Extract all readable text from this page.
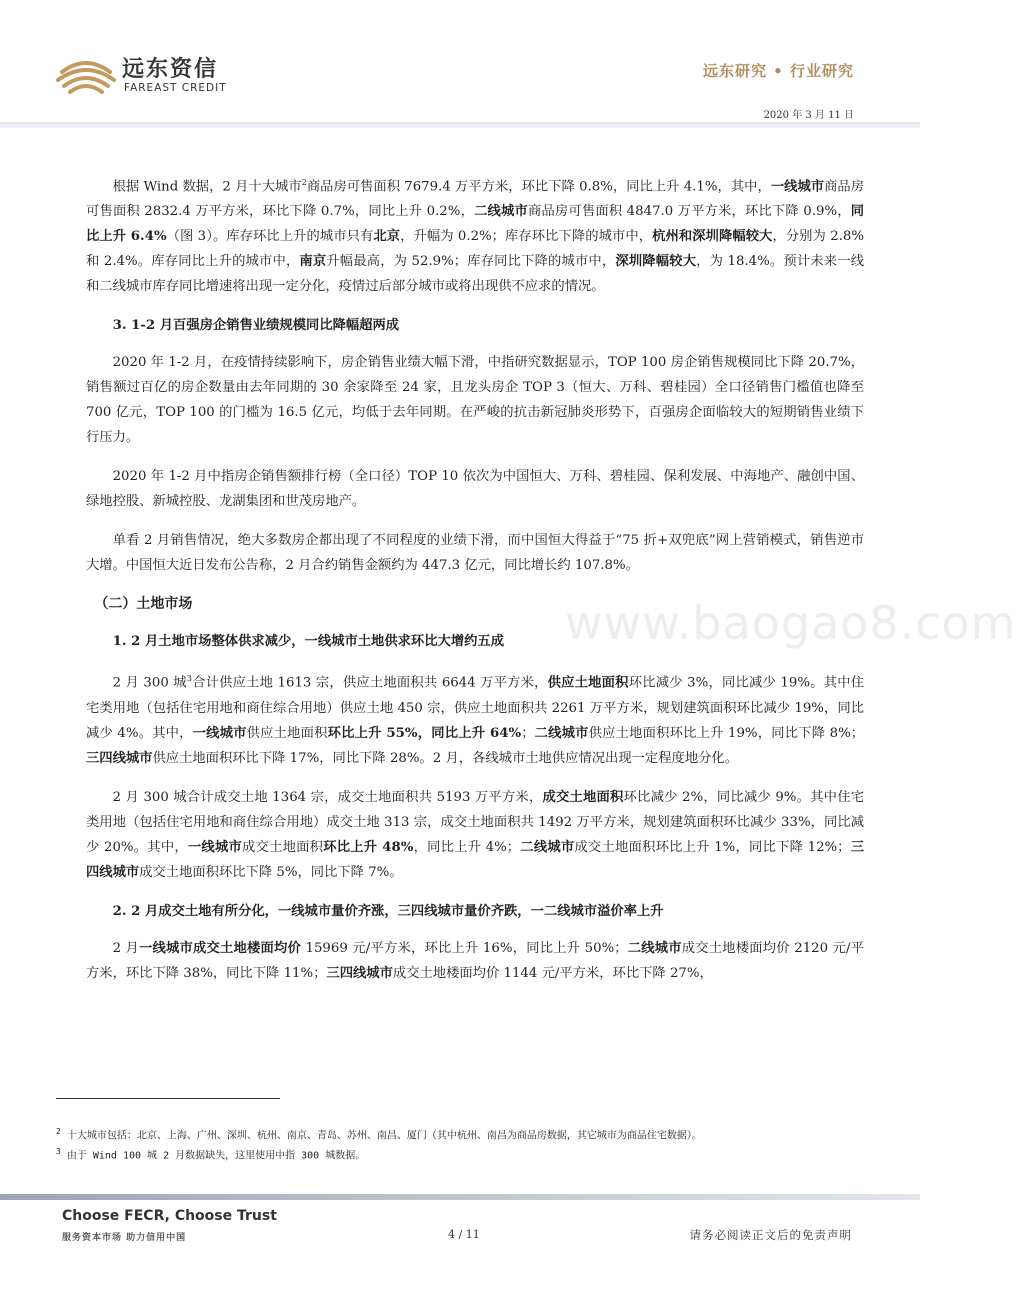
远东资信
FAREAST CREDIT
远东研究 • 行业研究
2020 年 3 月 11 日

根据 Wind 数据，2 月十大城市$^2$商品房可售面积 7679.4 万平方米，环比下降 0.8%，同比上升 4.1%，其中，一线城市商品房可售面积 2832.4 万平方米，环比下降 0.7%，同比上升 0.2%，二线城市商品房可售面积 4847.0 万平方米，环比下降 0.9%，同比上升 6.4%（图 3）。库存环比上升的城市只有北京，升幅为 0.2%；库存环比下降的城市中，杭州和深圳降幅较大，分别为 2.8%和 2.4%。库存同比上升的城市中，南京升幅最高，为 52.9%；库存同比下降的城市中，深圳降幅较大，为 18.4%。预计未来一线和二线城市库存同比增速将出现一定分化，疫情过后部分城市或将出现供不应求的情况。

3. 1-2 月百强房企销售业绩规模同比降幅超两成

2020 年 1-2 月，在疫情持续影响下，房企销售业绩大幅下滑，中指研究数据显示，TOP 100 房企销售规模同比下降 20.7%，销售额过百亿的房企数量由去年同期的 30 余家降至 24 家，且龙头房企 TOP 3（恒大、万科、碧桂园）全口径销售门槛值也降至 700 亿元，TOP 100 的门槛为 16.5 亿元，均低于去年同期。在严峻的抗击新冠肺炎形势下，百强房企面临较大的短期销售业绩下行压力。

2020 年 1-2 月中指房企销售额排行榜（全口径）TOP 10 依次为中国恒大、万科、碧桂园、保利发展、中海地产、融创中国、绿地控股、新城控股、龙湖集团和世茂房地产。

单看 2 月销售情况，绝大多数房企都出现了不同程度的业绩下滑，而中国恒大得益于“75 折+双兜底”网上营销模式，销售逆市大增。中国恒大近日发布公告称，2 月合约销售金额约为 447.3 亿元，同比增长约 107.8%。

（二）土地市场
1. 2 月土地市场整体供求减少，一线城市土地供求环比大增约五成

2 月 300 城$^3$合计供应土地 1613 宗，供应土地面积共 6644 万平方米，供应土地面积环比减少 3%，同比减少 19%。其中住宅类用地（包括住宅用地和商住综合用地）供应土地 450 宗，供应土地面积共 2261 万平方米，规划建筑面积环比减少 19%，同比减少 4%。其中，一线城市供应土地面积环比上升 55%，同比上升 64%；二线城市供应土地面积环比上升 19%，同比下降 8%；三四线城市供应土地面积环比下降 17%，同比下降 28%。2 月，各线城市土地供应情况出现一定程度地分化。

2 月 300 城合计成交土地 1364 宗，成交土地面积共 5193 万平方米，成交土地面积环比减少 2%，同比减少 9%。其中住宅类用地（包括住宅用地和商住综合用地）成交土地 313 宗，成交土地面积共 1492 万平方米，规划建筑面积环比减少 33%，同比减少 20%。其中，一线城市成交土地面积环比上升 48%，同比上升 4%；二线城市成交土地面积环比上升 1%，同比下降 12%；三四线城市成交土地面积环比下降 5%，同比下降 7%。

2. 2 月成交土地有所分化，一线城市量价齐涨，三四线城市量价齐跌，一二线城市溢价率上升

2 月一线城市成交土地楼面均价 15969 元/平方米，环比上升 16%，同比上升 50%；二线城市成交土地楼面均价 2120 元/平方米，环比下降 38%，同比下降 11%；三四线城市成交土地楼面均价 1144 元/平方米，环比下降 27%，

www.baogao8.com

$^2$ 十大城市包括：北京、上海、广州、深圳、杭州、南京、青岛、苏州、南昌、厦门（其中杭州、南昌为商品房数据，其它城市为商品住宅数据）。

$^3$ 由于 Wind 100 城 2 月数据缺失，这里使用中指 300 城数据。

Choose FECR, Choose Trust
服务资本市场 助力信用中国	4 / 11	请务必阅读正文后的免责声明
